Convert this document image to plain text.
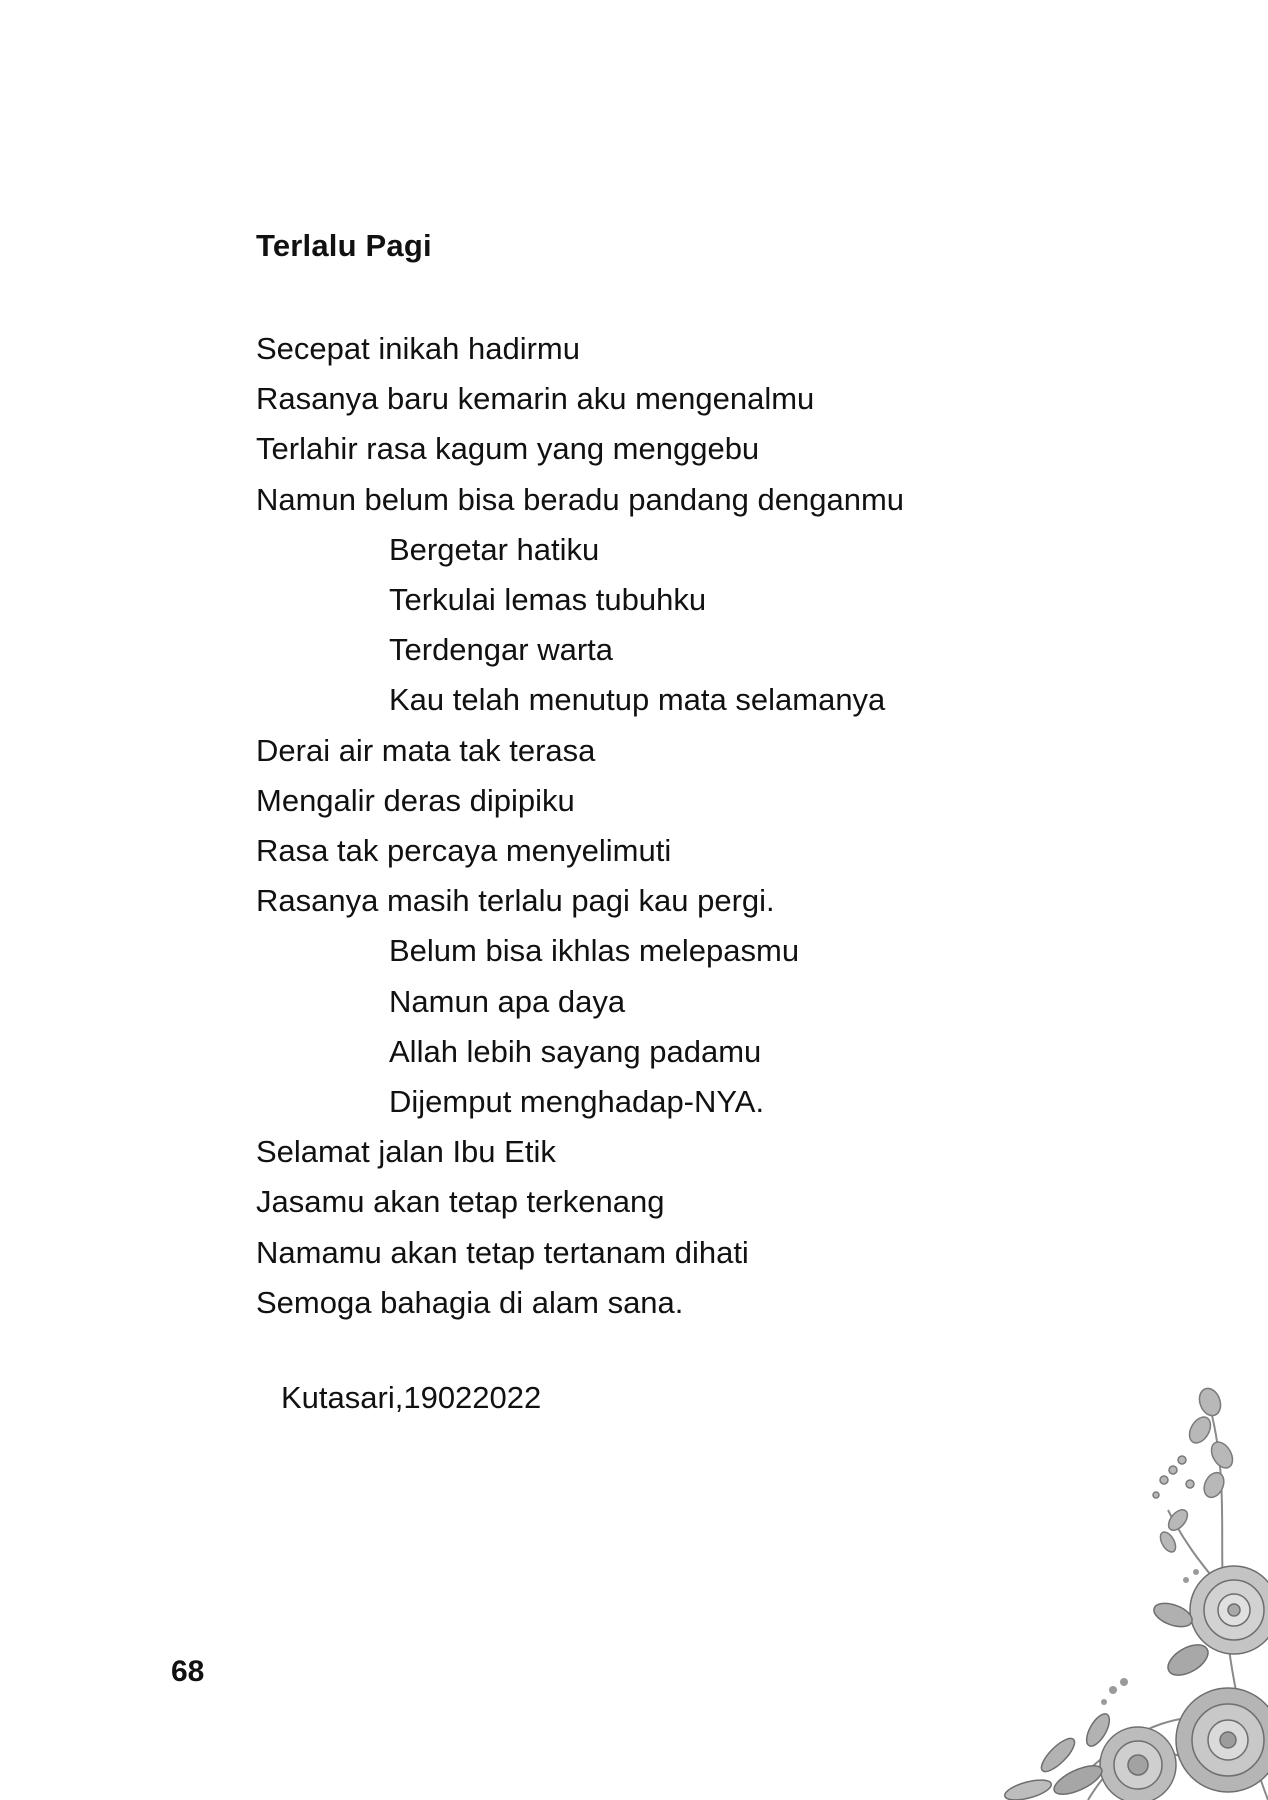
Terlalu Pagi
Secepat inikah hadirmu
Rasanya baru kemarin aku mengenalmu
Terlahir rasa kagum yang menggebu
Namun belum bisa beradu pandang denganmu
Bergetar hatiku
Terkulai lemas tubuhku
Terdengar warta
Kau telah menutup mata selamanya
Derai air mata tak terasa
Mengalir deras dipipiku
Rasa tak percaya menyelimuti
Rasanya masih terlalu pagi kau pergi.
Belum bisa ikhlas melepasmu
Namun apa daya
Allah lebih sayang padamu
Dijemput menghadap-NYA.
Selamat jalan Ibu Etik
Jasamu akan tetap terkenang
Namamu akan tetap tertanam dihati
Semoga bahagia di alam sana.
Kutasari,19022022
68
